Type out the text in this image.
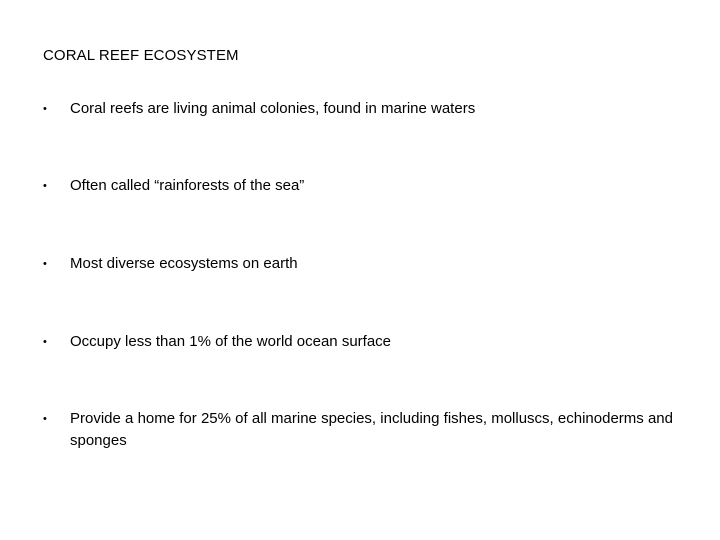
CORAL REEF ECOSYSTEM
•	Coral reefs are living animal colonies, found in marine waters
•	Often called “rainforests of the sea”
•	Most diverse ecosystems on earth
•	Occupy less than 1% of the world ocean surface
•	Provide a home for 25% of all marine species, including fishes, molluscs, echinoderms and sponges
